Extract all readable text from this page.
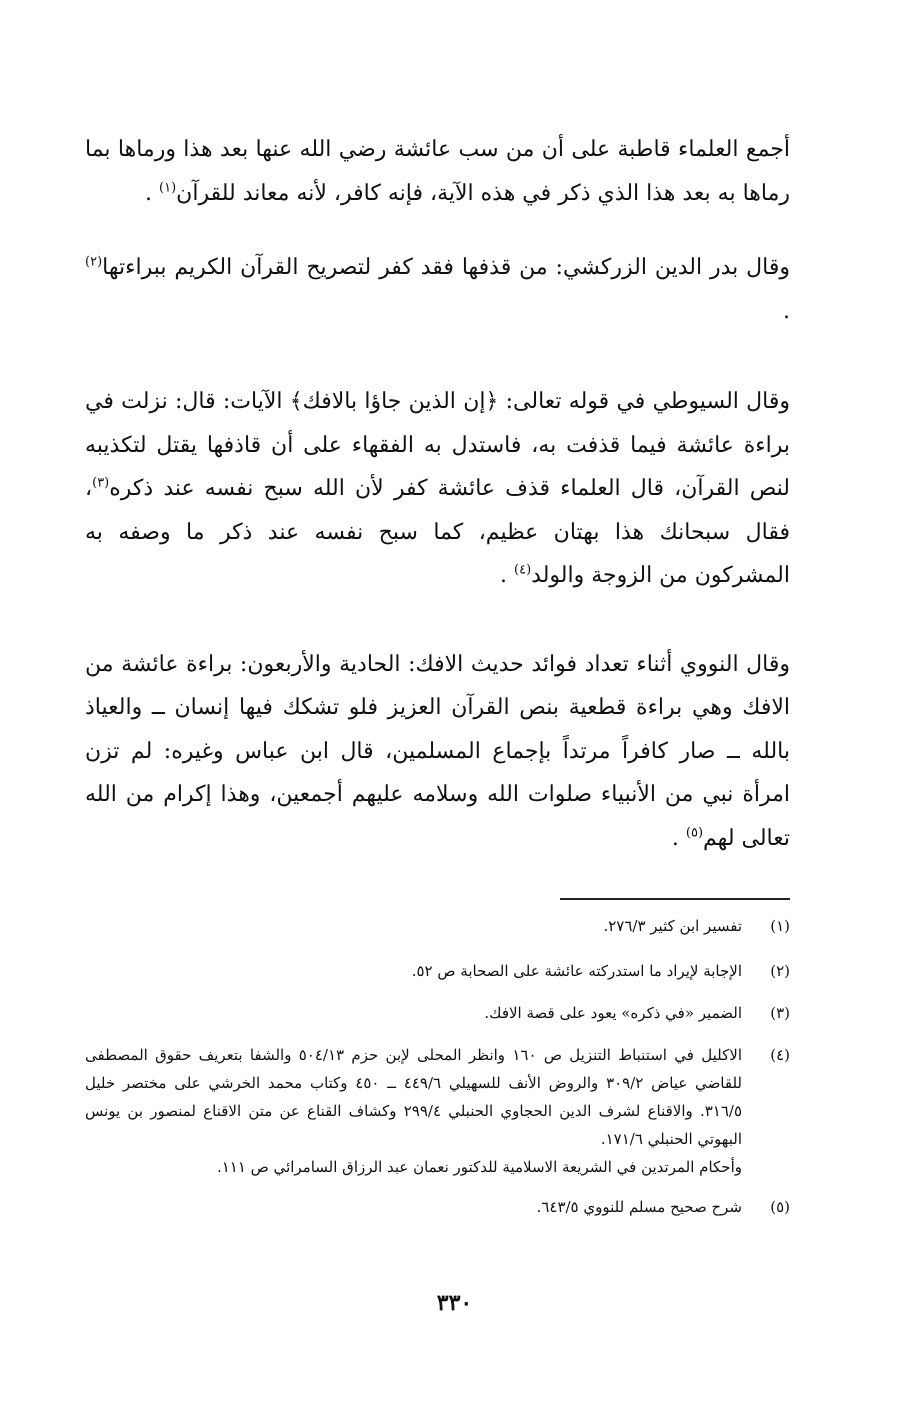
أجمع العلماء قاطبة على أن من سب عائشة رضي الله عنها بعد هذا ورماها بما رماها به بعد هذا الذي ذكر في هذه الآية، فإنه كافر، لأنه معاند للقرآن$^{(١)}$ .

وقال بدر الدين الزركشي: من قذفها فقد كفر لتصريح القرآن الكريم ببراءتها$^{(٢)}$ .

وقال السيوطي في قوله تعالى: ﴿إن الذين جاؤا بالافك﴾ الآيات: قال: نزلت في براءة عائشة فيما قذفت به، فاستدل به الفقهاء على أن قاذفها يقتل لتكذيبه لنص القرآن، قال العلماء قذف عائشة كفر لأن الله سبح نفسه عند ذكره$^{(٣)}$، فقال سبحانك هذا بهتان عظيم، كما سبح نفسه عند ذكر ما وصفه به المشركون من الزوجة والولد$^{(٤)}$ .

وقال النووي أثناء تعداد فوائد حديث الافك: الحادية والأربعون: براءة عائشة من الافك وهي براءة قطعية بنص القرآن العزيز فلو تشكك فيها إنسان ــ والعياذ بالله ــ صار كافراً مرتداً بإجماع المسلمين، قال ابن عباس وغيره: لم تزن امرأة نبي من الأنبياء صلوات الله وسلامه عليهم أجمعين، وهذا إكرام من الله تعالى لهم$^{(٥)}$ .

(١)
تفسير ابن كثير ٢٧٦/٣.
(٢)
الإجابة لإيراد ما استدركته عائشة على الصحابة ص ٥٢.
(٣)
الضمير «في ذكره» يعود على قصة الافك.
(٤)
الاكليل في استنباط التنزيل ص ١٦٠ وانظر المحلى لإبن حزم ٥٠٤/١٣ والشفا بتعريف حقوق المصطفى للقاضي عياض ٣٠٩/٢ والروض الأنف للسهيلي ٤٤٩/٦ ــ ٤٥٠ وكتاب محمد الخرشي على مختصر خليل ٣١٦/٥. والاقناع لشرف الدين الحجاوي الحنبلي ٢٩٩/٤ وكشاف القناع عن متن الاقناع لمنصور بن يونس البهوتي الحنبلي ١٧١/٦.
وأحكام المرتدين في الشريعة الاسلامية للدكتور نعمان عبد الرزاق السامرائي ص ١١١.
(٥)
شرح صحيح مسلم للنووي ٦٤٣/٥.
٣٣٠
